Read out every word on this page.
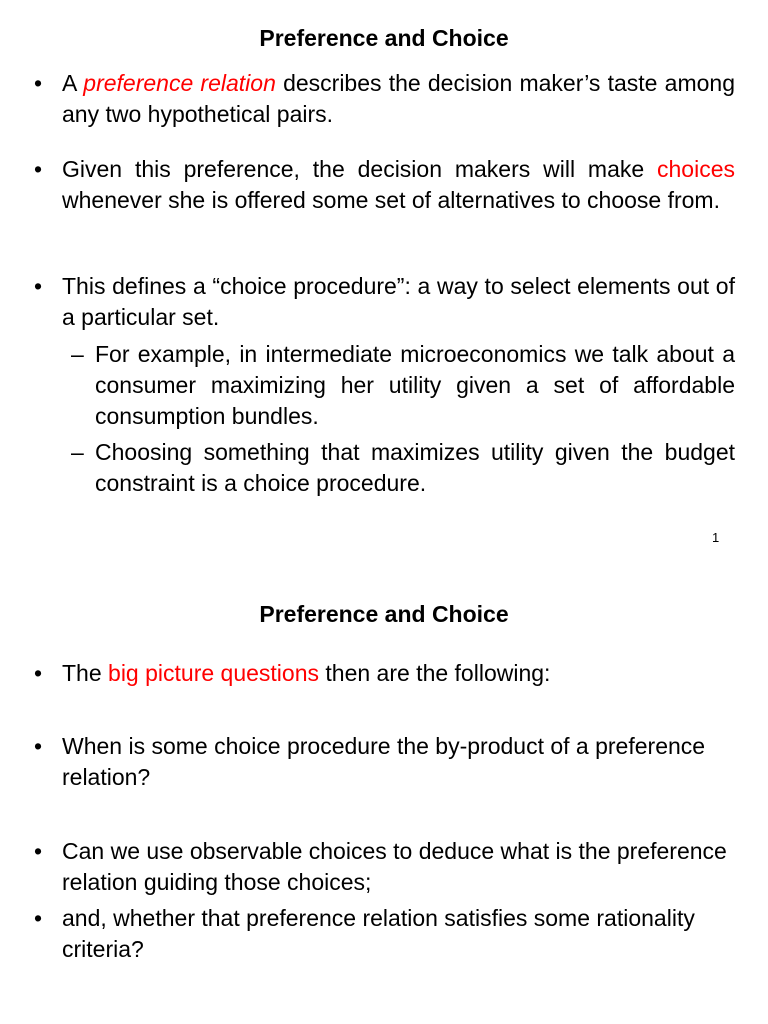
Preference and Choice
• A preference relation describes the decision maker’s taste among any two hypothetical pairs.
• Given this preference, the decision makers will make choices whenever she is offered some set of alternatives to choose from.
• This defines a “choice procedure”: a way to select elements out of a particular set.
– For example, in intermediate microeconomics we talk about a consumer maximizing her utility given a set of affordable consumption bundles.
– Choosing something that maximizes utility given the budget constraint is a choice procedure.
1
Preference and Choice
• The big picture questions then are the following:
• When is some choice procedure the by-product of a preference relation?
• Can we use observable choices to deduce what is the preference relation guiding those choices;
• and, whether that preference relation satisfies some rationality criteria?
